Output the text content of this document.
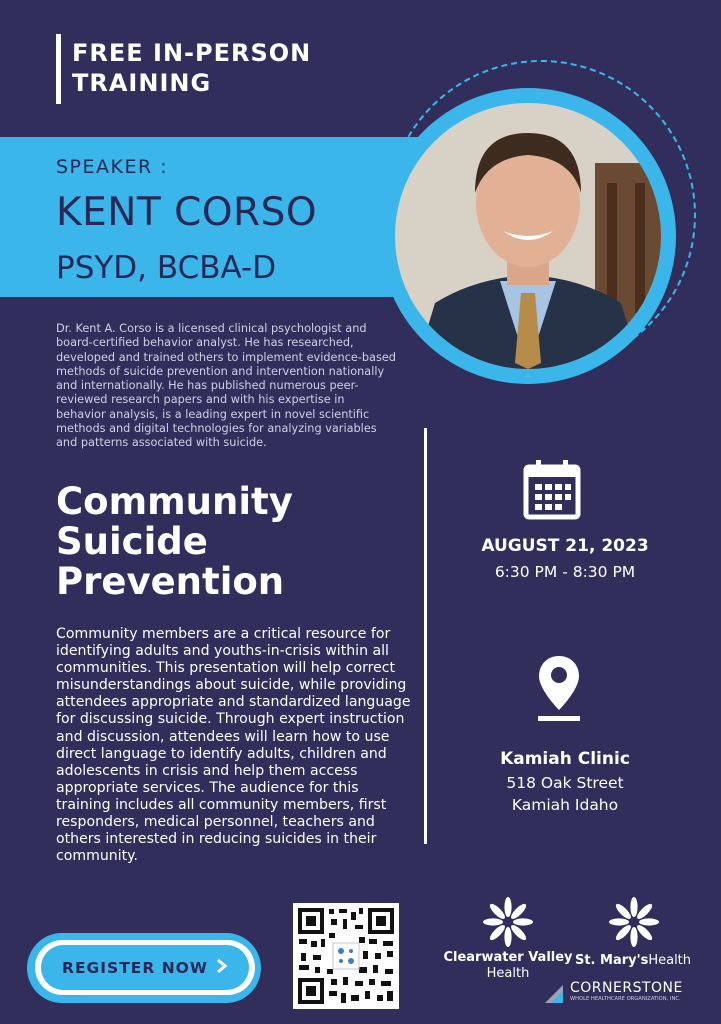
FREE IN-PERSON
TRAINING
SPEAKER :
KENT CORSO
PSYD, BCBA-D
Dr. Kent A. Corso is a licensed clinical psychologist and board-certified behavior analyst. He has researched, developed and trained others to implement evidence-based methods of suicide prevention and intervention nationally and internationally. He has published numerous peer-reviewed research papers and with his expertise in behavior analysis, is a leading expert in novel scientific methods and digital technologies for analyzing variables and patterns associated with suicide.
Community
Suicide
Prevention
Community members are a critical resource for identifying adults and youths-in-crisis within all communities. This presentation will help correct misunderstandings about suicide, while providing attendees appropriate and standardized language for discussing suicide. Through expert instruction and discussion, attendees will learn how to use direct language to identify adults, children and adolescents in crisis and help them access appropriate services. The audience for this training includes all community members, first responders, medical personnel, teachers and others interested in reducing suicides in their community.
AUGUST 21, 2023
6:30 PM - 8:30 PM
Kamiah Clinic
518 Oak Street
Kamiah Idaho
REGISTER NOW
Clearwater Valley
Health
St. Mary'sHealth
CORNERSTONE
WHOLE HEALTHCARE ORGANIZATION, INC.
